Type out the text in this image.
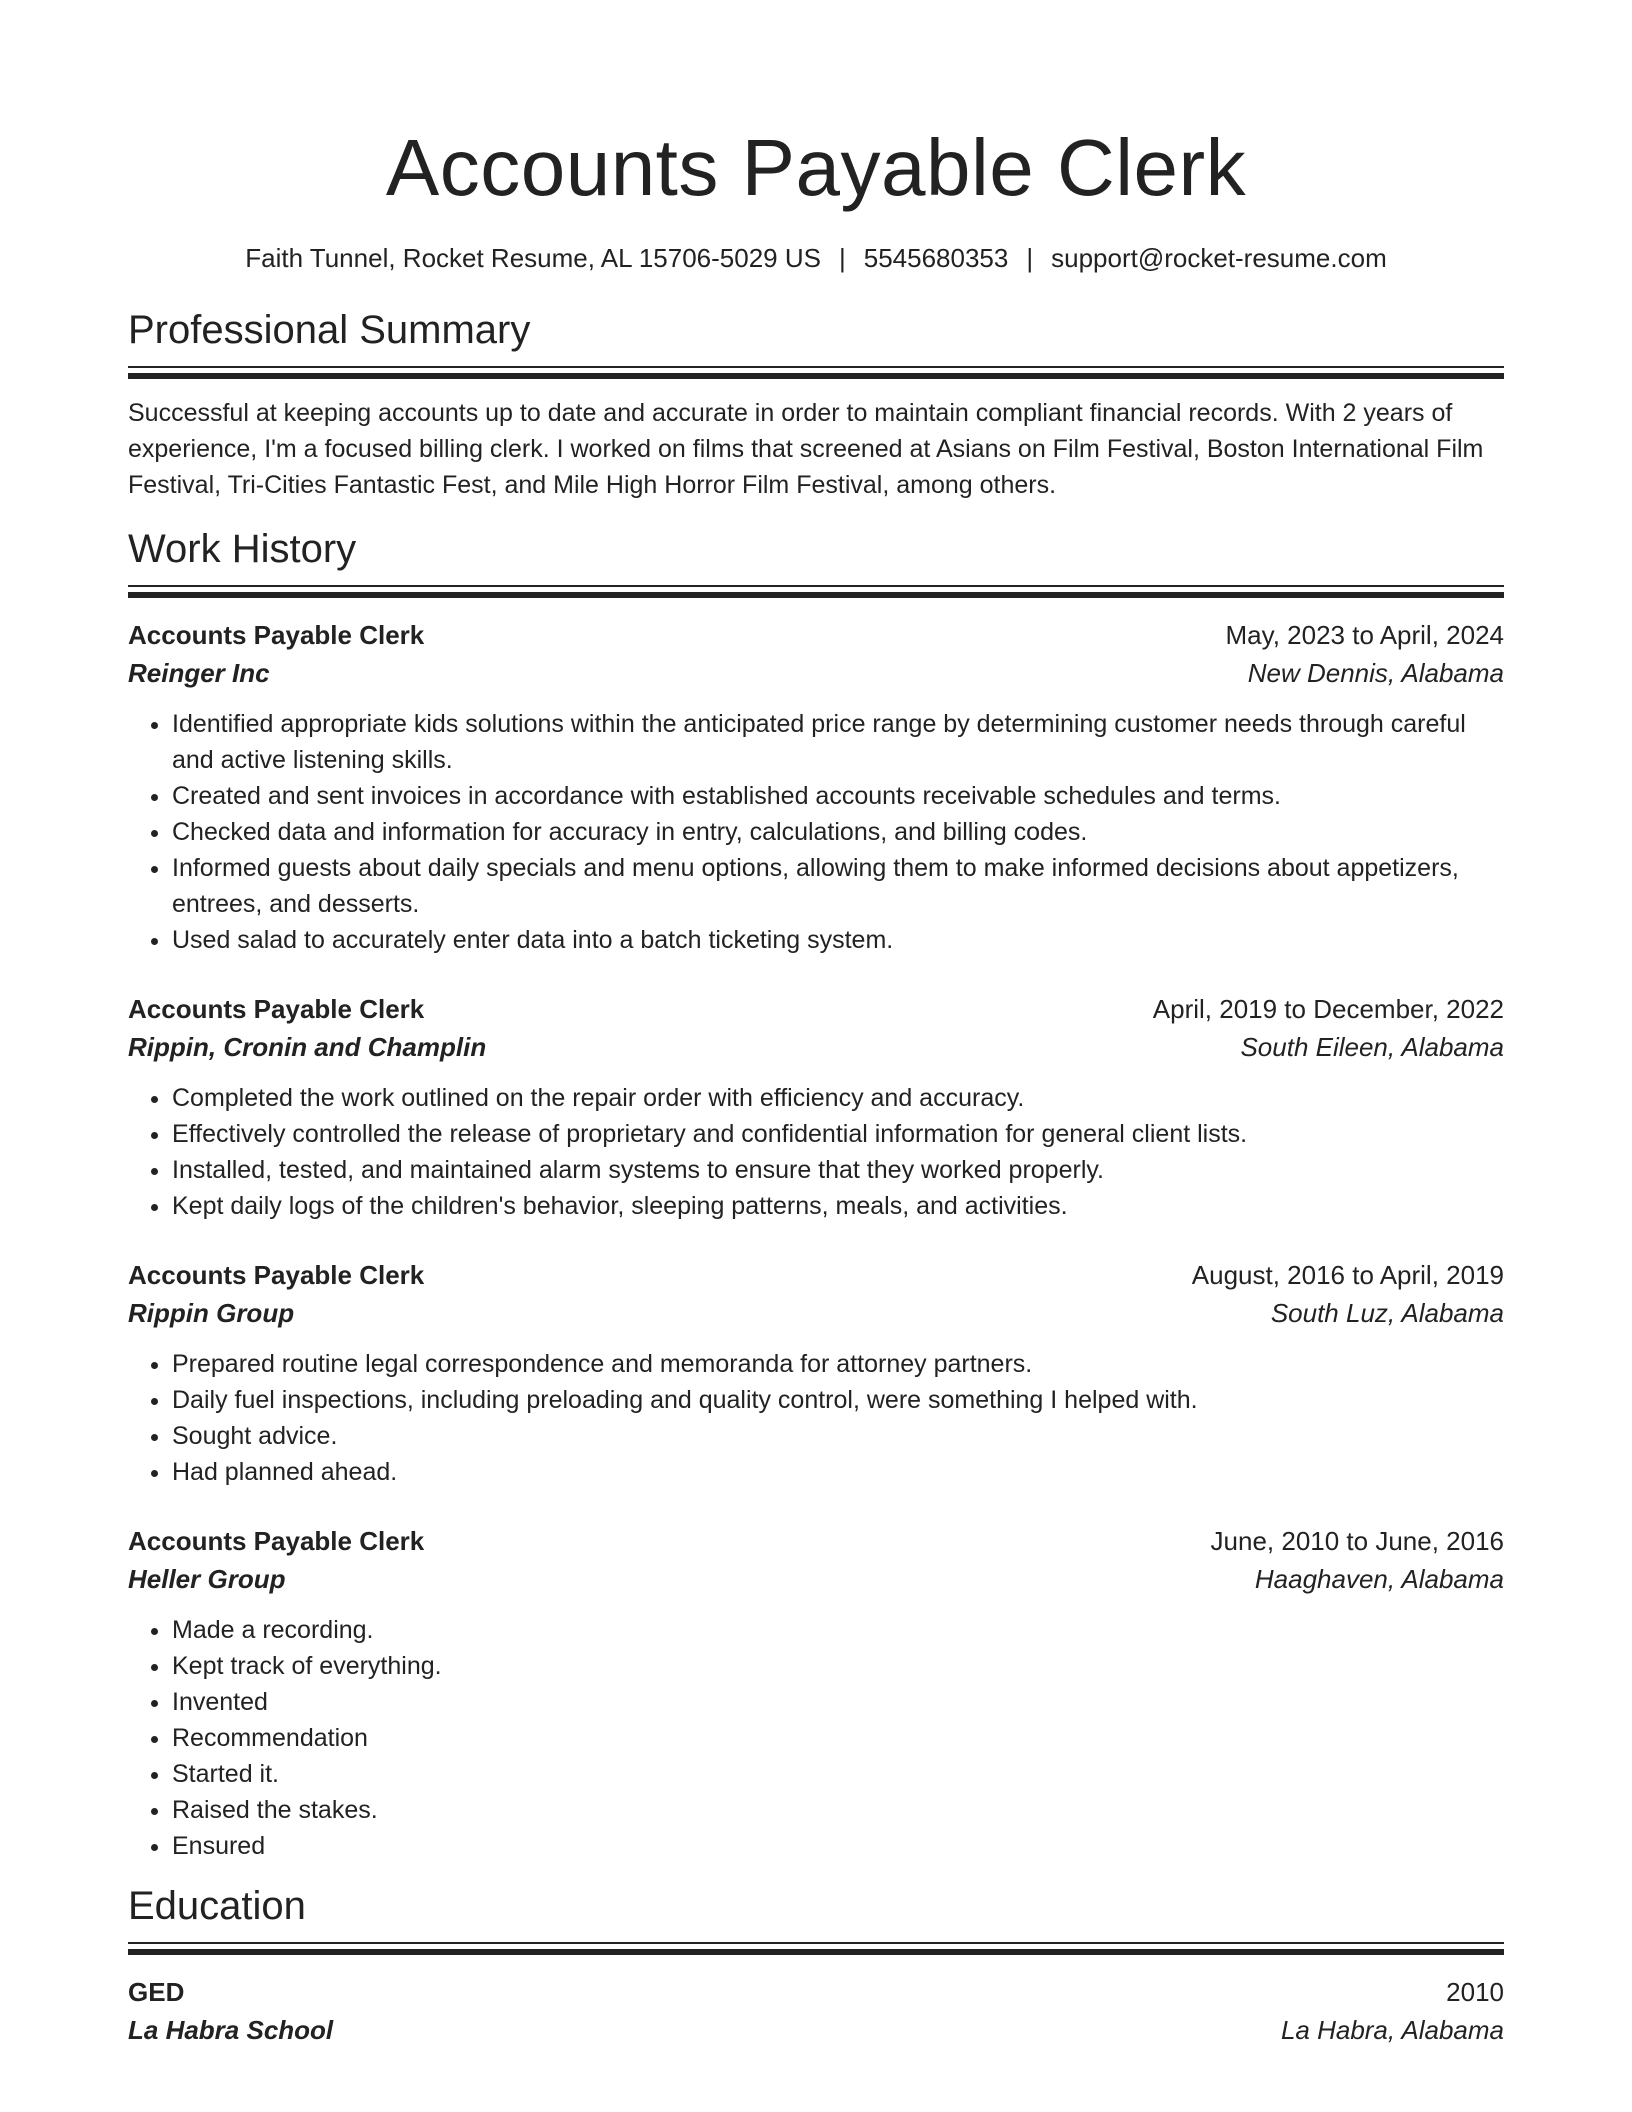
Accounts Payable Clerk
Faith Tunnel, Rocket Resume, AL 15706-5029 US | 5545680353 | support@rocket-resume.com
Professional Summary

Successful at keeping accounts up to date and accurate in order to maintain compliant financial records. With 2 years of experience, I'm a focused billing clerk. I worked on films that screened at Asians on Film Festival, Boston International Film Festival, Tri-Cities Fantastic Fest, and Mile High Horror Film Festival, among others.

Work History
Accounts Payable Clerk	May, 2023 to April, 2024
Reinger Inc	New Dennis, Alabama
• Identified appropriate kids solutions within the anticipated price range by determining customer needs through careful and active listening skills.
• Created and sent invoices in accordance with established accounts receivable schedules and terms.
• Checked data and information for accuracy in entry, calculations, and billing codes.
• Informed guests about daily specials and menu options, allowing them to make informed decisions about appetizers, entrees, and desserts.
• Used salad to accurately enter data into a batch ticketing system.
Accounts Payable Clerk	April, 2019 to December, 2022
Rippin, Cronin and Champlin	South Eileen, Alabama
• Completed the work outlined on the repair order with efficiency and accuracy.
• Effectively controlled the release of proprietary and confidential information for general client lists.
• Installed, tested, and maintained alarm systems to ensure that they worked properly.
• Kept daily logs of the children's behavior, sleeping patterns, meals, and activities.
Accounts Payable Clerk	August, 2016 to April, 2019
Rippin Group	South Luz, Alabama
• Prepared routine legal correspondence and memoranda for attorney partners.
• Daily fuel inspections, including preloading and quality control, were something I helped with.
• Sought advice.
• Had planned ahead.
Accounts Payable Clerk	June, 2010 to June, 2016
Heller Group	Haaghaven, Alabama
• Made a recording.
• Kept track of everything.
• Invented
• Recommendation
• Started it.
• Raised the stakes.
• Ensured
Education
GED	2010
La Habra School	La Habra, Alabama
